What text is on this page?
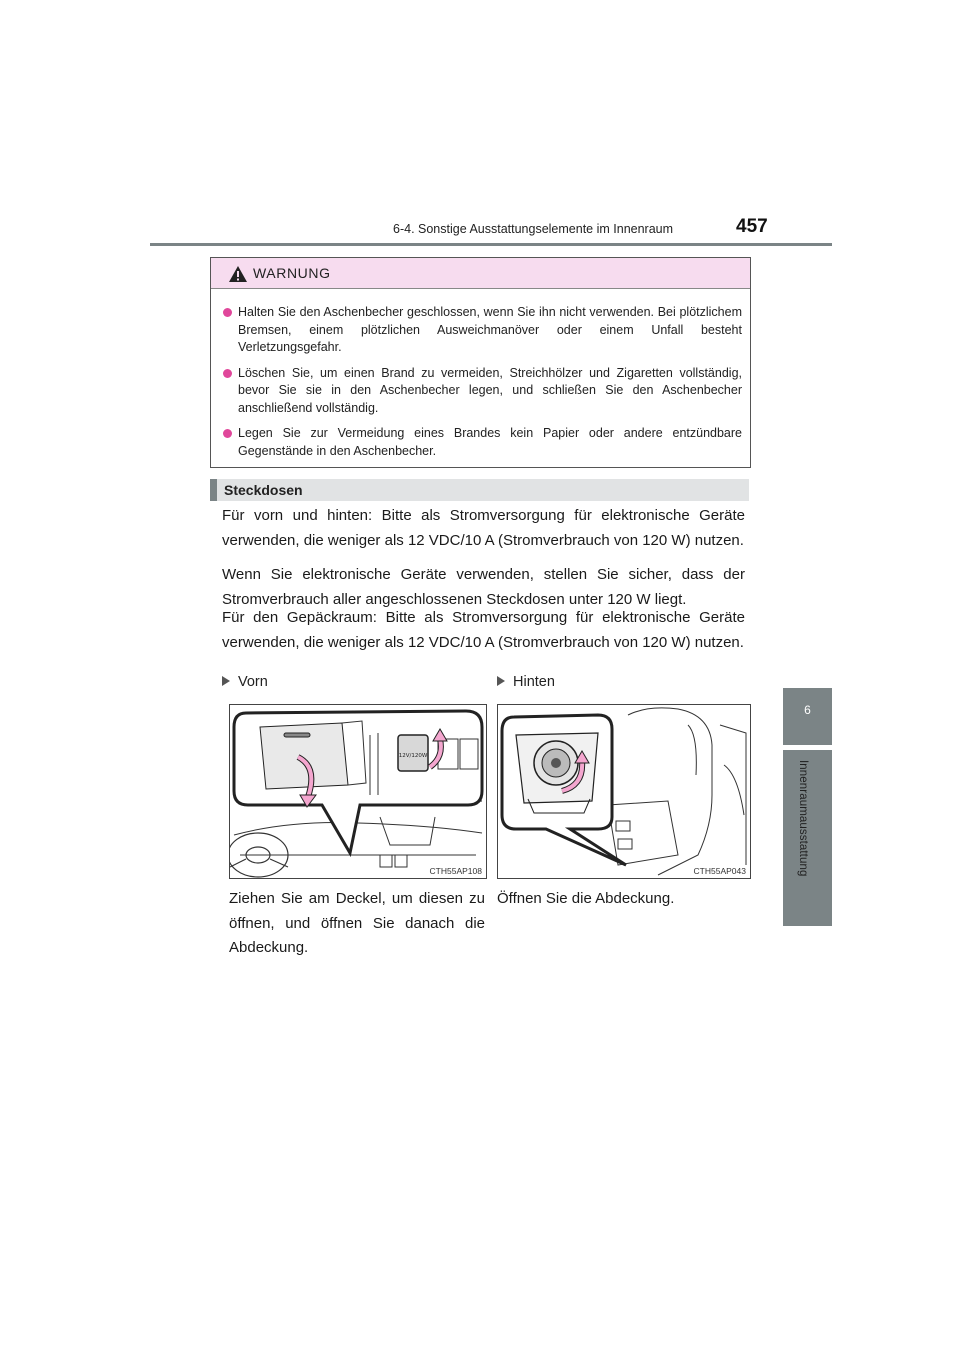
6-4. Sonstige Ausstattungselemente im Innenraum	457
6
Innenraumausstattung
WARNUNG
Halten Sie den Aschenbecher geschlossen, wenn Sie ihn nicht verwenden. Bei plötzlichem Bremsen, einem plötzlichen Ausweichmanöver oder einem Unfall besteht Verletzungsgefahr.
Löschen Sie, um einen Brand zu vermeiden, Streichhölzer und Zigaretten vollständig, bevor Sie sie in den Aschenbecher legen, und schließen Sie den Aschenbecher anschließend vollständig.
Legen Sie zur Vermeidung eines Brandes kein Papier oder andere entzündbare Gegenstände in den Aschenbecher.
Steckdosen

Für vorn und hinten: Bitte als Stromversorgung für elektronische Geräte verwenden, die weniger als 12 VDC/10 A (Stromverbrauch von 120 W) nutzen.

Wenn Sie elektronische Geräte verwenden, stellen Sie sicher, dass der Stromverbrauch aller angeschlossenen Steckdosen unter 120 W liegt.

Für den Gepäckraum: Bitte als Stromversorgung für elektronische Geräte verwenden, die weniger als 12 VDC/10 A (Stromverbrauch von 120 W) nutzen.

Vorn	Hinten
12V/120W
CTH55AP108	CTH55AP043

Ziehen Sie am Deckel, um diesen zu öffnen, und öffnen Sie danach die Abdeckung.

Öffnen Sie die Abdeckung.
